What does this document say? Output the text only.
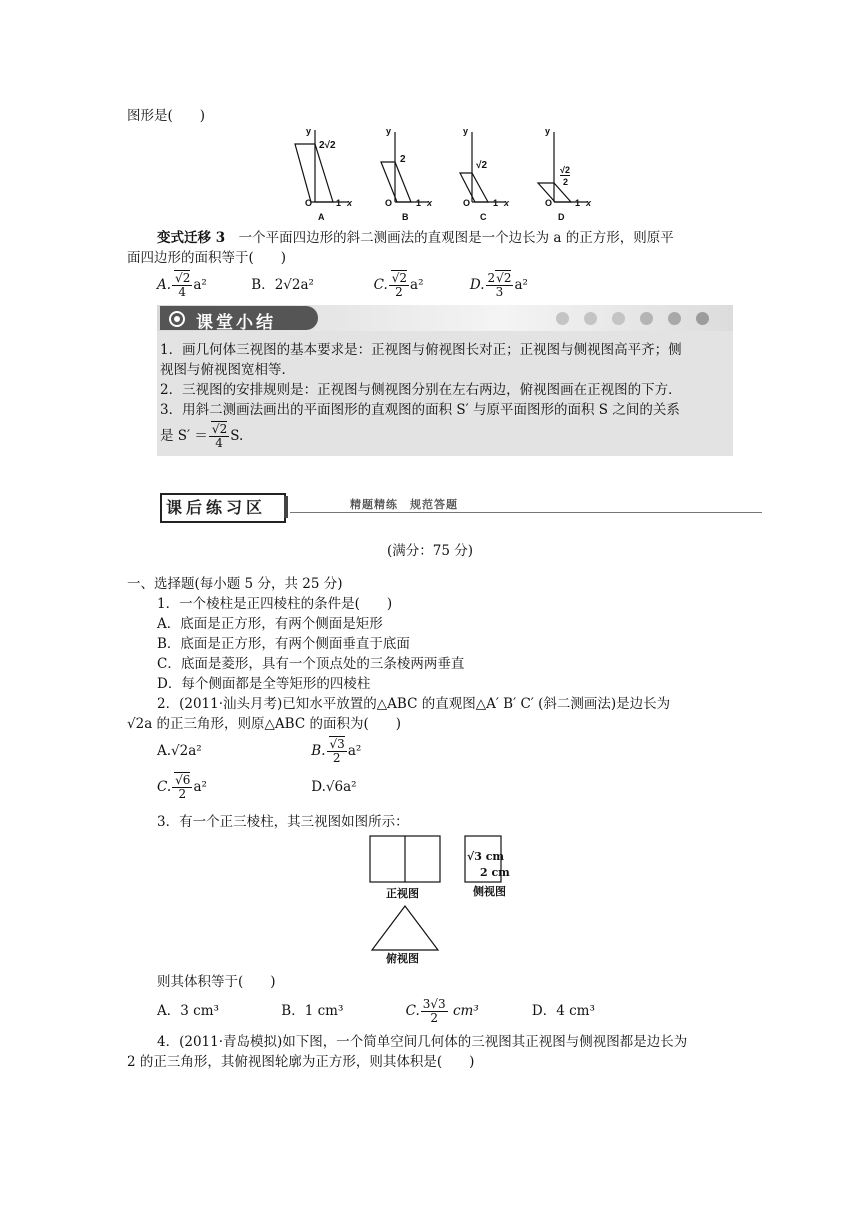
图形是(　　)
y
2√2
O	1 x
A
y
2
O	1 x
B
y
√2
O	1 x
C
y
√2
2
O	1 x
D
变式迁移 3　一个平面四边形的斜二测画法的直观图是一个边长为 a 的正方形，则原平
面四边形的面积等于(　　)
A. √ $\frac{2}{4} a^2$	B．2√2a²	C. √ $\frac{2}{2} a^2$	D. $\frac{2 √ 2}{3} a^2$
课堂小结
1．画几何体三视图的基本要求是：正视图与俯视图长对正；正视图与侧视图高平齐；侧
视图与俯视图宽相等．
2．三视图的安排规则是：正视图与侧视图分别在左右两边，俯视图画在正视图的下方．
3．用斜二测画法画出的平面图形的直观图的面积 S′ 与原平面图形的面积 S 之间的关系
是 S′ ＝ √ $\frac{2}{4} S$.
课后练习区	精题精练　规范答题
(满分：75 分)
一、选择题(每小题 5 分，共 25 分)
1．一个棱柱是正四棱柱的条件是(　　)
A．底面是正方形，有两个侧面是矩形
B．底面是正方形，有两个侧面垂直于底面
C．底面是菱形，具有一个顶点处的三条棱两两垂直
D．每个侧面都是全等矩形的四棱柱
2．(2011·汕头月考)已知水平放置的△ABC 的直观图△A′ B′ C′ (斜二测画法)是边长为
√2a 的正三角形，则原△ABC 的面积为(　　)
A.√2a²	B. √ $\frac{3}{2} a^2$
C. √ $\frac{6}{2} a^2$	D.√6a²
3．有一个正三棱柱，其三视图如图所示：
正视图	侧视图
俯视图
√3 cm
2 cm
则其体积等于(　　)
A．3 cm³	B．1 cm³	C. $\frac{3√3}{2} cm^3$	D．4 cm³
4．(2011·青岛模拟)如下图，一个简单空间几何体的三视图其正视图与侧视图都是边长为
2 的正三角形，其俯视图轮廓为正方形，则其体积是(　　)
